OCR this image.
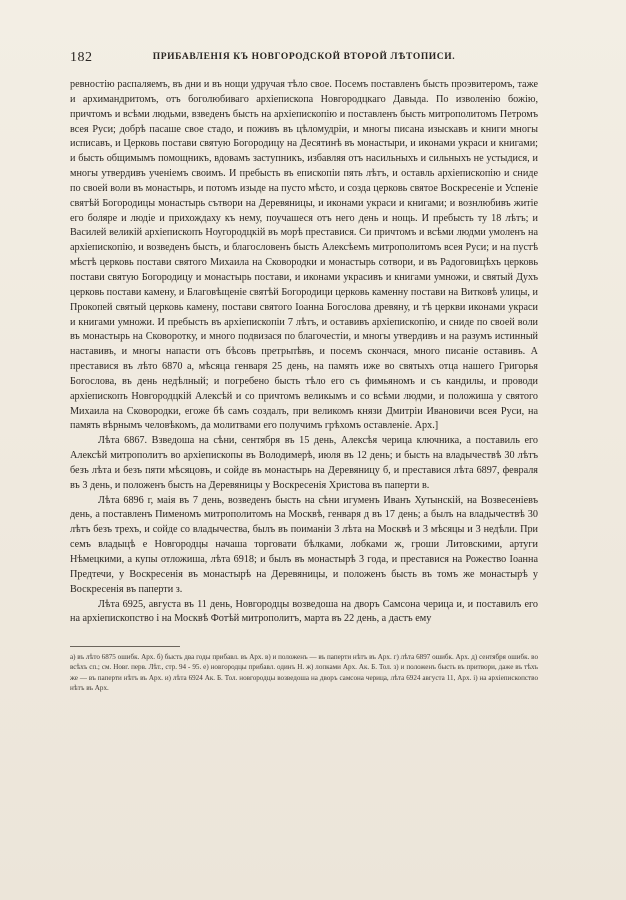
182	ПРИБАВЛЕНІЯ КЪ НОВГОРОДСКОЙ ВТОРОЙ ЛѢТОПИСИ.

ревностію распаляемъ, въ дни и въ нощи удручая тѣло свое. Посемъ поставленъ бысть проэвитеромъ, таже и архимандритомъ, отъ боголюбиваго архіепископа Новгородцкаго Давыда. По изволенію божію, причтомъ и всѣми людьми, взведенъ бысть на архіепископію и поставленъ бысть митрополитомъ Петромъ всея Руси; добрѣ пасаше свое стадо, и поживъ въ цѣломудріи, и многы писана изыскавъ и книги многы исписавъ, и Церковь постави святую Богородицу на Десятинѣ въ монастыри, и иконами украси и книгами; и бысть общимымъ помощникъ, вдовамъ заступникъ, избавляя отъ насильныхъ и сильныхъ не устыдися, и многы утвердивъ ученіемъ своимъ. И пребысть въ епископіи пять лѣтъ, и оставль архіепископію и сниде по своей воли въ монастырь, и потомъ изыде на пусто мѣсто, и созда церковь святое Воскресеніе и Успеніе святѣй Богородицы монастырь сътвори на Деревяницы, и иконами украси и книгами; и вознлюбивъ житіе его боляре и людіе и прихождаху къ нему, поучашеся отъ него день и нощь. И пребысть ту 18 лѣтъ; и Василей великій архіепископъ Ноугородцкій въ морѣ преставися. Си причтомъ и всѣми людми умоленъ на архіепископію, и возведенъ бысть, и благословенъ бысть Алексѣемъ митрополитомъ всея Руси; и на пустѣ мѣстѣ церковь постави святого Михаила на Сковородки и монастырь сотвори, и въ Радоговицѣхъ церковь постави святую Богородицу и монастырь постави, и иконами украсивъ и книгами умножи, и святый Духъ церковь постави камену, и Благовѣщеніе святѣй Богородици церковь каменну постави на Витковѣ улицы, и Прокопей святый церковь камену, постави святого Іоанна Богослова древяну, и тѣ церкви иконами украси и книгами умножи. И пребысть въ архіепископіи 7 лѣтъ, и оставивъ архіепископію, и сниде по своей воли въ монастырь на Сковоротку, и много подвизася по благочестіи, и многы утвердивъ и на разумъ истинный наставивъ, и многы напасти отъ бѣсовъ претрьпѣвъ, и посемъ скончася, много писаніе оставивъ. А преставися въ лѣто 6870 а, мѣсяца генваря 25 день, на память иже во святыхъ отца нашего Григорья Богослова, въ день недѣлный; и погребено бысть тѣло его съ фимьяномъ и съ кандилы, и проводи архіепископъ Новгородцкій Алексѣй и со причтомъ великымъ и со всѣми людми, и положиша у святого Михаила на Сковородки, егоже бѣ самъ создалъ, при великомъ князи Дмитріи Ивановичи всея Руси, на память вѣрнымъ человѣкомъ, да молитвами его получимъ грѣхомъ оставленіе. Арх.]

Лѣта 6867. Взведоша на сѣни, сентября въ 15 день, Алексѣя черица ключника, а поставиль его Алексѣй митрополитъ во архіепископы въ Володимерѣ, июля въ 12 день; и бысть на владычествѣ 30 лѣтъ безъ лѣта и безъ пяти мѣсяцовъ, и сойде въ монастырь на Деревяницу б, и преставися лѣта 6897, февраля въ 3 день, и положенъ бысть на Деревяницы у Воскресенія Христова въ паперти в.

Лѣта 6896 г, маія въ 7 день, возведенъ бысть на сѣни игуменъ Иванъ Хутынскій, на Возвесеніевъ день, а поставленъ Пименомъ митрополитомъ на Москвѣ, генваря д въ 17 день; а былъ на владычествѣ 30 лѣтъ безъ трехъ, и сойде со владычества, былъ въ поиманіи 3 лѣта на Москвѣ и 3 мѣсяцы и 3 недѣли. При семъ владыцѣ е Новгородцы начаша торговати бѣлками, лобками ж, гроши Литовскими, артуги Нѣмецкими, а купы отложиша, лѣта 6918; и былъ въ монастырѣ 3 года, и преставися на Рожество Іоанна Предтечи, у Воскресенія въ монастырѣ на Деревяницы, и положенъ бысть въ томъ же монастырѣ у Воскресенія въ паперти з.

Лѣта 6925, августа въ 11 день, Новгородцы возведоша на дворъ Самсона черица и, и поставилъ его на архіепископство і на Москвѣ Фотѣй митрополитъ, марта въ 22 день, а дастъ ему

а) въ лѣто 6875 ошибк. Арх. б) бысть два годы прибавл. въ Арх. в) и положенъ — въ паперти нѣтъ въ Арх. г) лѣта 6897 ошибк. Арх. д) сентября ошибк. во всѣхъ сп.; см. Новг. перв. Лѣт., стр. 94 - 95. е) новгородцы прибавл. одинъ Н. ж) лопками Арх. Ак. Б. Тол. з) и положенъ бысть въ притвори, даже въ тѣхъ же — въ паперти нѣтъ въ Арх. и) лѣта 6924 Ак. Б. Тол. новгородцы возведоша на дворъ самсона черица, лѣта 6924 августа 11, Арх. і) на архіепископство нѣтъ въ Арх.
